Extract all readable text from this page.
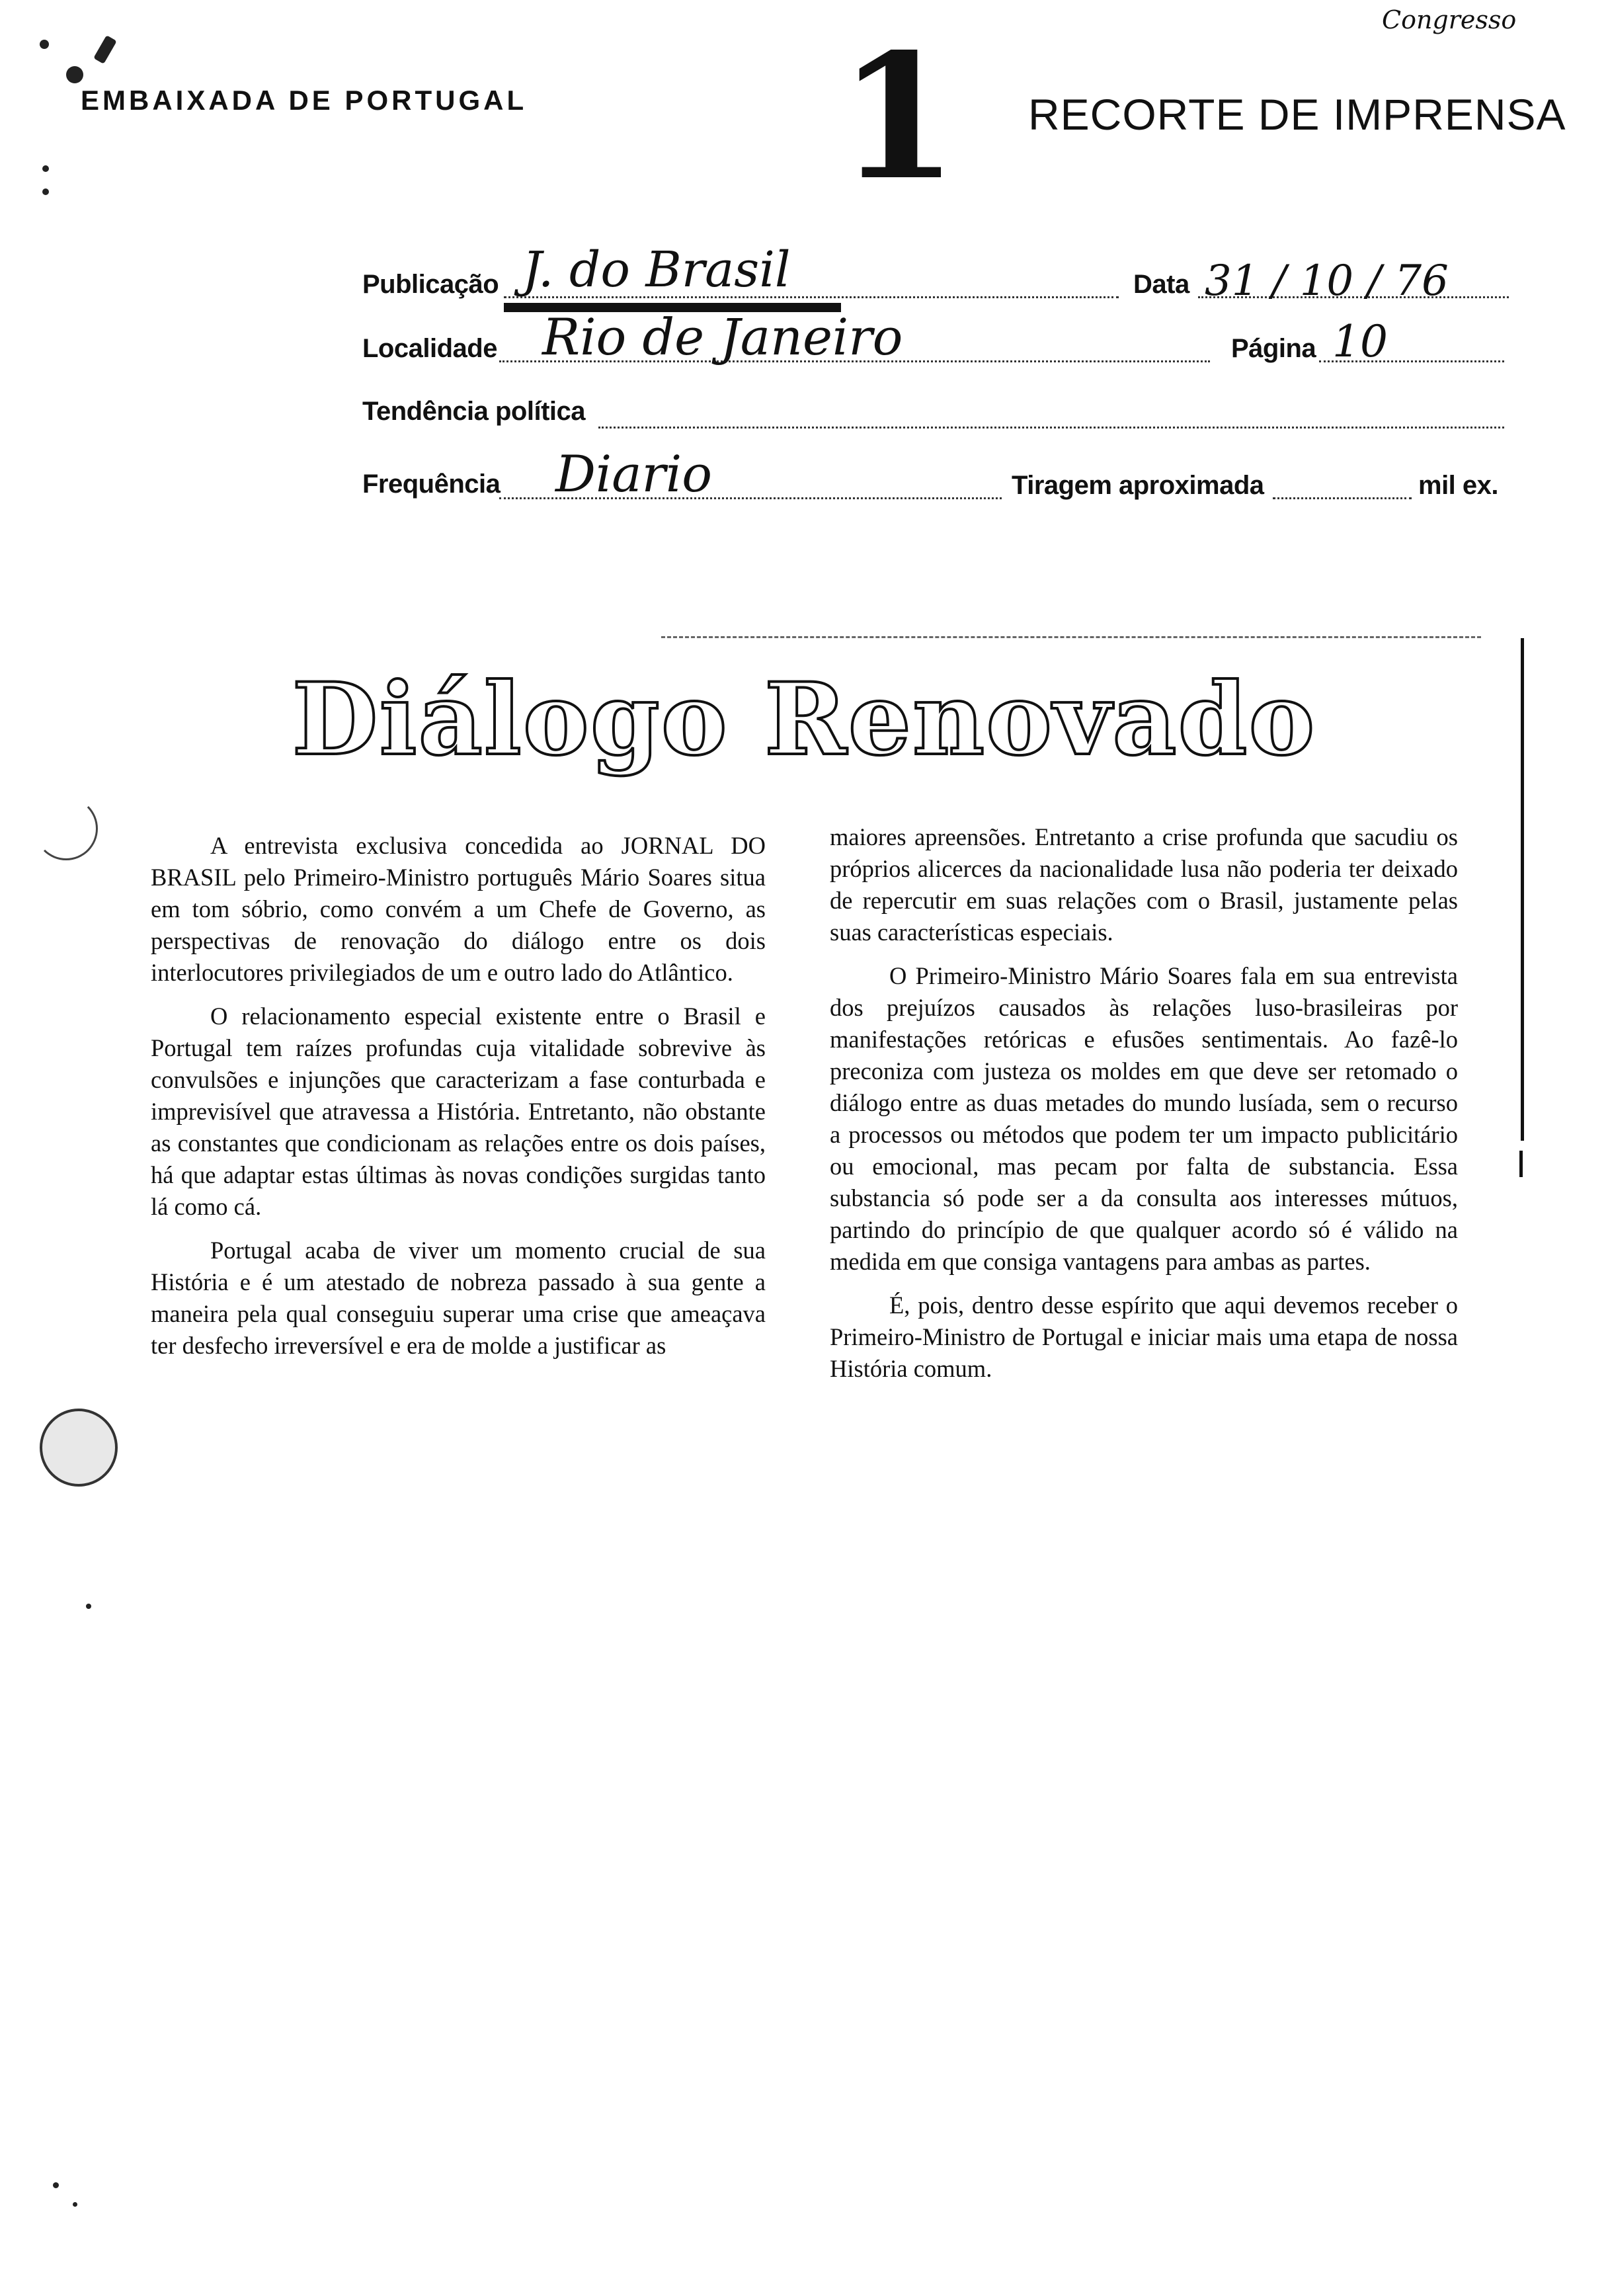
EMBAIXADA DE PORTUGAL 1 RECORTE DE IMPRENSA
Congresso
Publicação J. do Brasil	Data 31 / 10 / 76
Localidade Rio de Janeiro	Página 10
Tendência política
Frequência Diario	Tiragem aproximada	mil ex.
Diálogo Renovado

A entrevista exclusiva concedida ao JORNAL DO BRASIL pelo Primeiro-Ministro português Mário Soares situa em tom sóbrio, como convém a um Chefe de Governo, as perspectivas de renovação do diálogo entre os dois interlocutores privilegiados de um e outro lado do Atlântico.

O relacionamento especial existente entre o Brasil e Portugal tem raízes profundas cuja vitalidade sobrevive às convulsões e injunções que caracterizam a fase conturbada e imprevisível que atravessa a História. Entretanto, não obstante as constantes que condicionam as relações entre os dois países, há que adaptar estas últimas às novas condições surgidas tanto lá como cá.

Portugal acaba de viver um momento crucial de sua História e é um atestado de nobreza passado à sua gente a maneira pela qual conseguiu superar uma crise que ameaçava ter desfecho irreversível e era de molde a justificar as

maiores apreensões. Entretanto a crise profunda que sacudiu os próprios alicerces da nacionalidade lusa não poderia ter deixado de repercutir em suas relações com o Brasil, justamente pelas suas características especiais.

O Primeiro-Ministro Mário Soares fala em sua entrevista dos prejuízos causados às relações luso-brasileiras por manifestações retóricas e efusões sentimentais. Ao fazê-lo preconiza com justeza os moldes em que deve ser retomado o diálogo entre as duas metades do mundo lusíada, sem o recurso a processos ou métodos que podem ter um impacto publicitário ou emocional, mas pecam por falta de substancia. Essa substancia só pode ser a da consulta aos interesses mútuos, partindo do princípio de que qualquer acordo só é válido na medida em que consiga vantagens para ambas as partes.

É, pois, dentro desse espírito que aqui devemos receber o Primeiro-Ministro de Portugal e iniciar mais uma etapa de nossa História comum.
